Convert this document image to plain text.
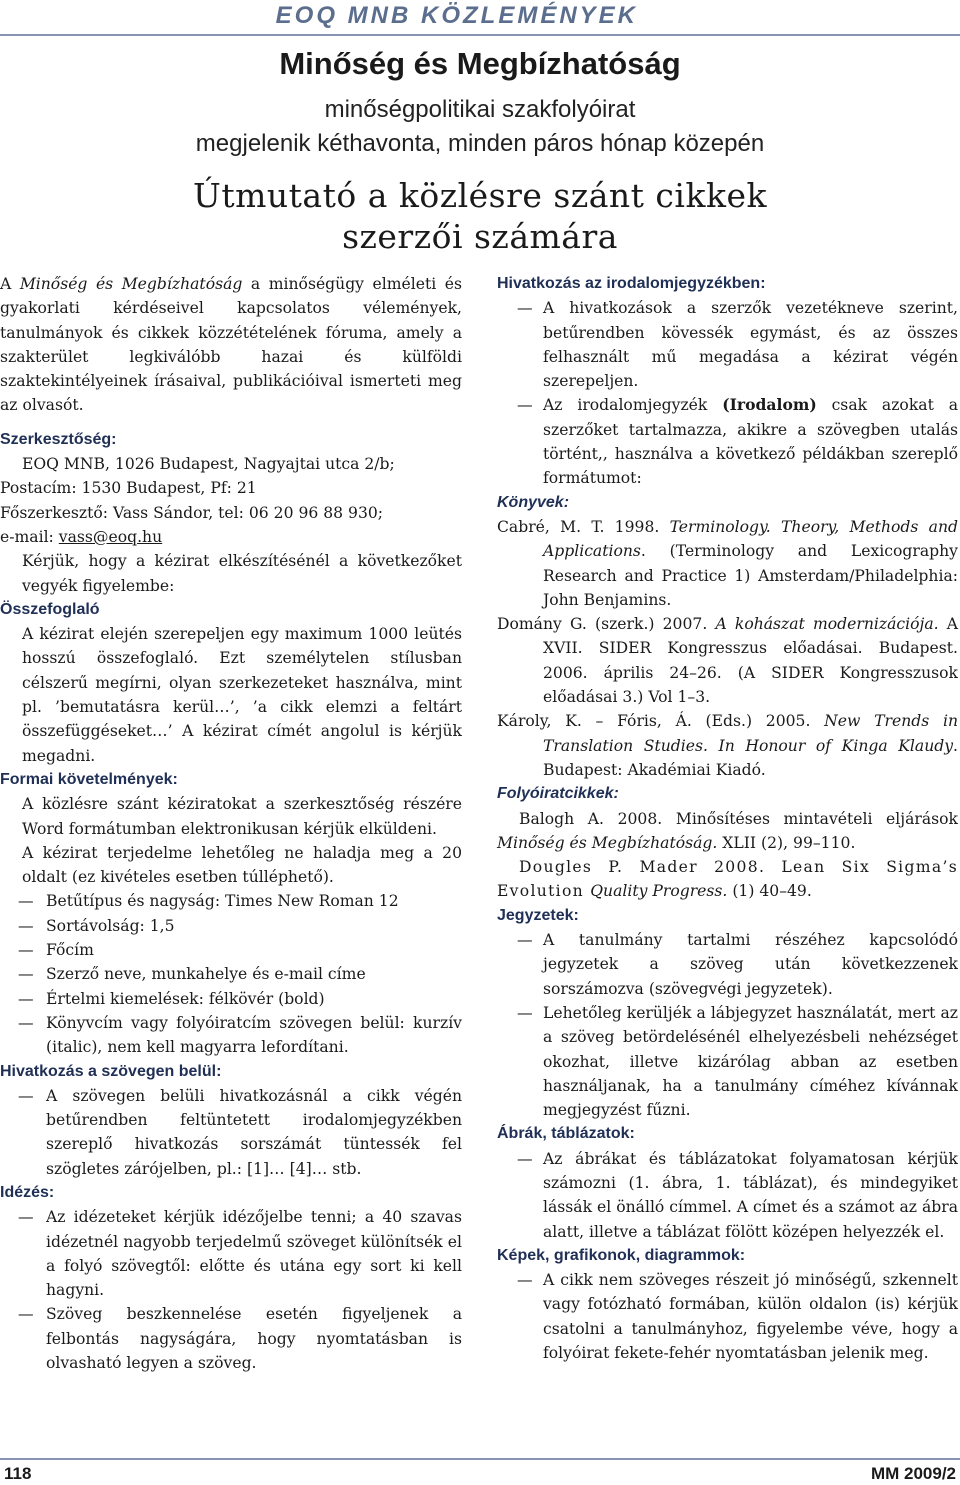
EOQ MNB KÖZLEMÉNYEK
Minőség és Megbízhatóság
minőségpolitikai szakfolyóirat
megjelenik kéthavonta, minden páros hónap közepén
Útmutató a közlésre szánt cikkek
szerzői számára

A Minőség és Megbízhatóság a minőségügy elméleti és gyakorlati kérdéseivel kapcsolatos vélemények, tanulmányok és cikkek közzétételének fóruma, amely a szakterület legkiválóbb hazai és külföldi szaktekintélyeinek írásaival, publikációival ismerteti meg az olvasót.

Szerkesztőség:

EOQ MNB, 1026 Budapest, Nagyajtai utca 2/b;

Postacím: 1530 Budapest, Pf: 21

Főszerkesztő: Vass Sándor, tel: 06 20 96 88 930;

e-mail: vass@eoq.hu

Kérjük, hogy a kézirat elkészítésénél a következőket vegyék figyelembe:

Összefoglaló

A kézirat elején szerepeljen egy maximum 1000 leütés hosszú összefoglaló. Ezt személytelen stílusban célszerű megírni, olyan szerkezeteket használva, mint pl. ’bemutatásra kerül…’, ’a cikk elemzi a feltárt összefüggéseket…’ A kézirat címét angolul is kérjük megadni.

Formai követelmények:

A közlésre szánt kéziratokat a szerkesztőség részére Word formátumban elektronikusan kérjük elküldeni.

A kézirat terjedelme lehetőleg ne haladja meg a 20 oldalt (ez kivételes esetben túlléphető).

— Betűtípus és nagyság: Times New Roman 12

— Sortávolság: 1,5

— Főcím

— Szerző neve, munkahelye és e-mail címe

— Értelmi kiemelések: félkövér (bold)

— Könyvcím vagy folyóiratcím szövegen belül: kurzív (italic), nem kell magyarra lefordítani.

Hivatkozás a szövegen belül:

— A szövegen belüli hivatkozásnál a cikk végén betűrendben feltüntetett irodalomjegyzékben szereplő hivatkozás sorszámát tüntessék fel szögletes zárójelben, pl.: [1]… [4]… stb.

Idézés:

— Az idézeteket kérjük idézőjelbe tenni; a 40 szavas idézetnél nagyobb terjedelmű szöveget különítsék el a folyó szövegtől: előtte és utána egy sort ki kell hagyni.

— Szöveg beszkennelése esetén figyeljenek a felbontás nagyságára, hogy nyomtatásban is olvasható legyen a szöveg.

Hivatkozás az irodalomjegyzékben:

— A hivatkozások a szerzők vezetékneve szerint, betűrendben kövessék egymást, és az összes felhasznált mű megadása a kézirat végén szerepeljen.

— Az irodalomjegyzék (Irodalom) csak azokat a szerzőket tartalmazza, akikre a szövegben utalás történt,, használva a következő példákban szereplő formátumot:

Könyvek:

Cabré, M. T. 1998. Terminology. Theory, Methods and Applications. (Terminology and Lexicography Research and Practice 1) Amsterdam/Philadelphia: John Benjamins.

Domány G. (szerk.) 2007. A kohászat modernizációja. A XVII. SIDER Kongresszus előadásai. Budapest. 2006. április 24–26. (A SIDER Kongresszusok előadásai 3.) Vol 1–3.

Károly, K. – Fóris, Á. (Eds.) 2005. New Trends in Translation Studies. In Honour of Kinga Klaudy. Budapest: Akadémiai Kiadó.

Folyóiratcikkek:

Balogh A. 2008. Minősítéses mintavételi eljárások Minőség és Megbízhatóság. XLII (2), 99–110.

Dougles P. Mader 2008. Lean Six Sigma’s Evolution Quality Progress. (1) 40–49.

Jegyzetek:

— A tanulmány tartalmi részéhez kapcsolódó jegyzetek a szöveg után következzenek sorszámozva (szövegvégi jegyzetek).

— Lehetőleg kerüljék a lábjegyzet használatát, mert az a szöveg betördelésénél elhelyezésbeli nehézséget okozhat, illetve kizárólag abban az esetben használjanak, ha a tanulmány címéhez kívánnak megjegyzést fűzni.

Ábrák, táblázatok:

— Az ábrákat és táblázatokat folyamatosan kérjük számozni (1. ábra, 1. táblázat), és mindegyiket lássák el önálló címmel. A címet és a számot az ábra alatt, illetve a táblázat fölött középen helyezzék el.

Képek, grafikonok, diagrammok:

— A cikk nem szöveges részeit jó minőségű, szkennelt vagy fotózható formában, külön oldalon (is) kérjük csatolni a tanulmányhoz, figyelembe véve, hogy a folyóirat fekete-fehér nyomtatásban jelenik meg.

118	MM 2009/2
